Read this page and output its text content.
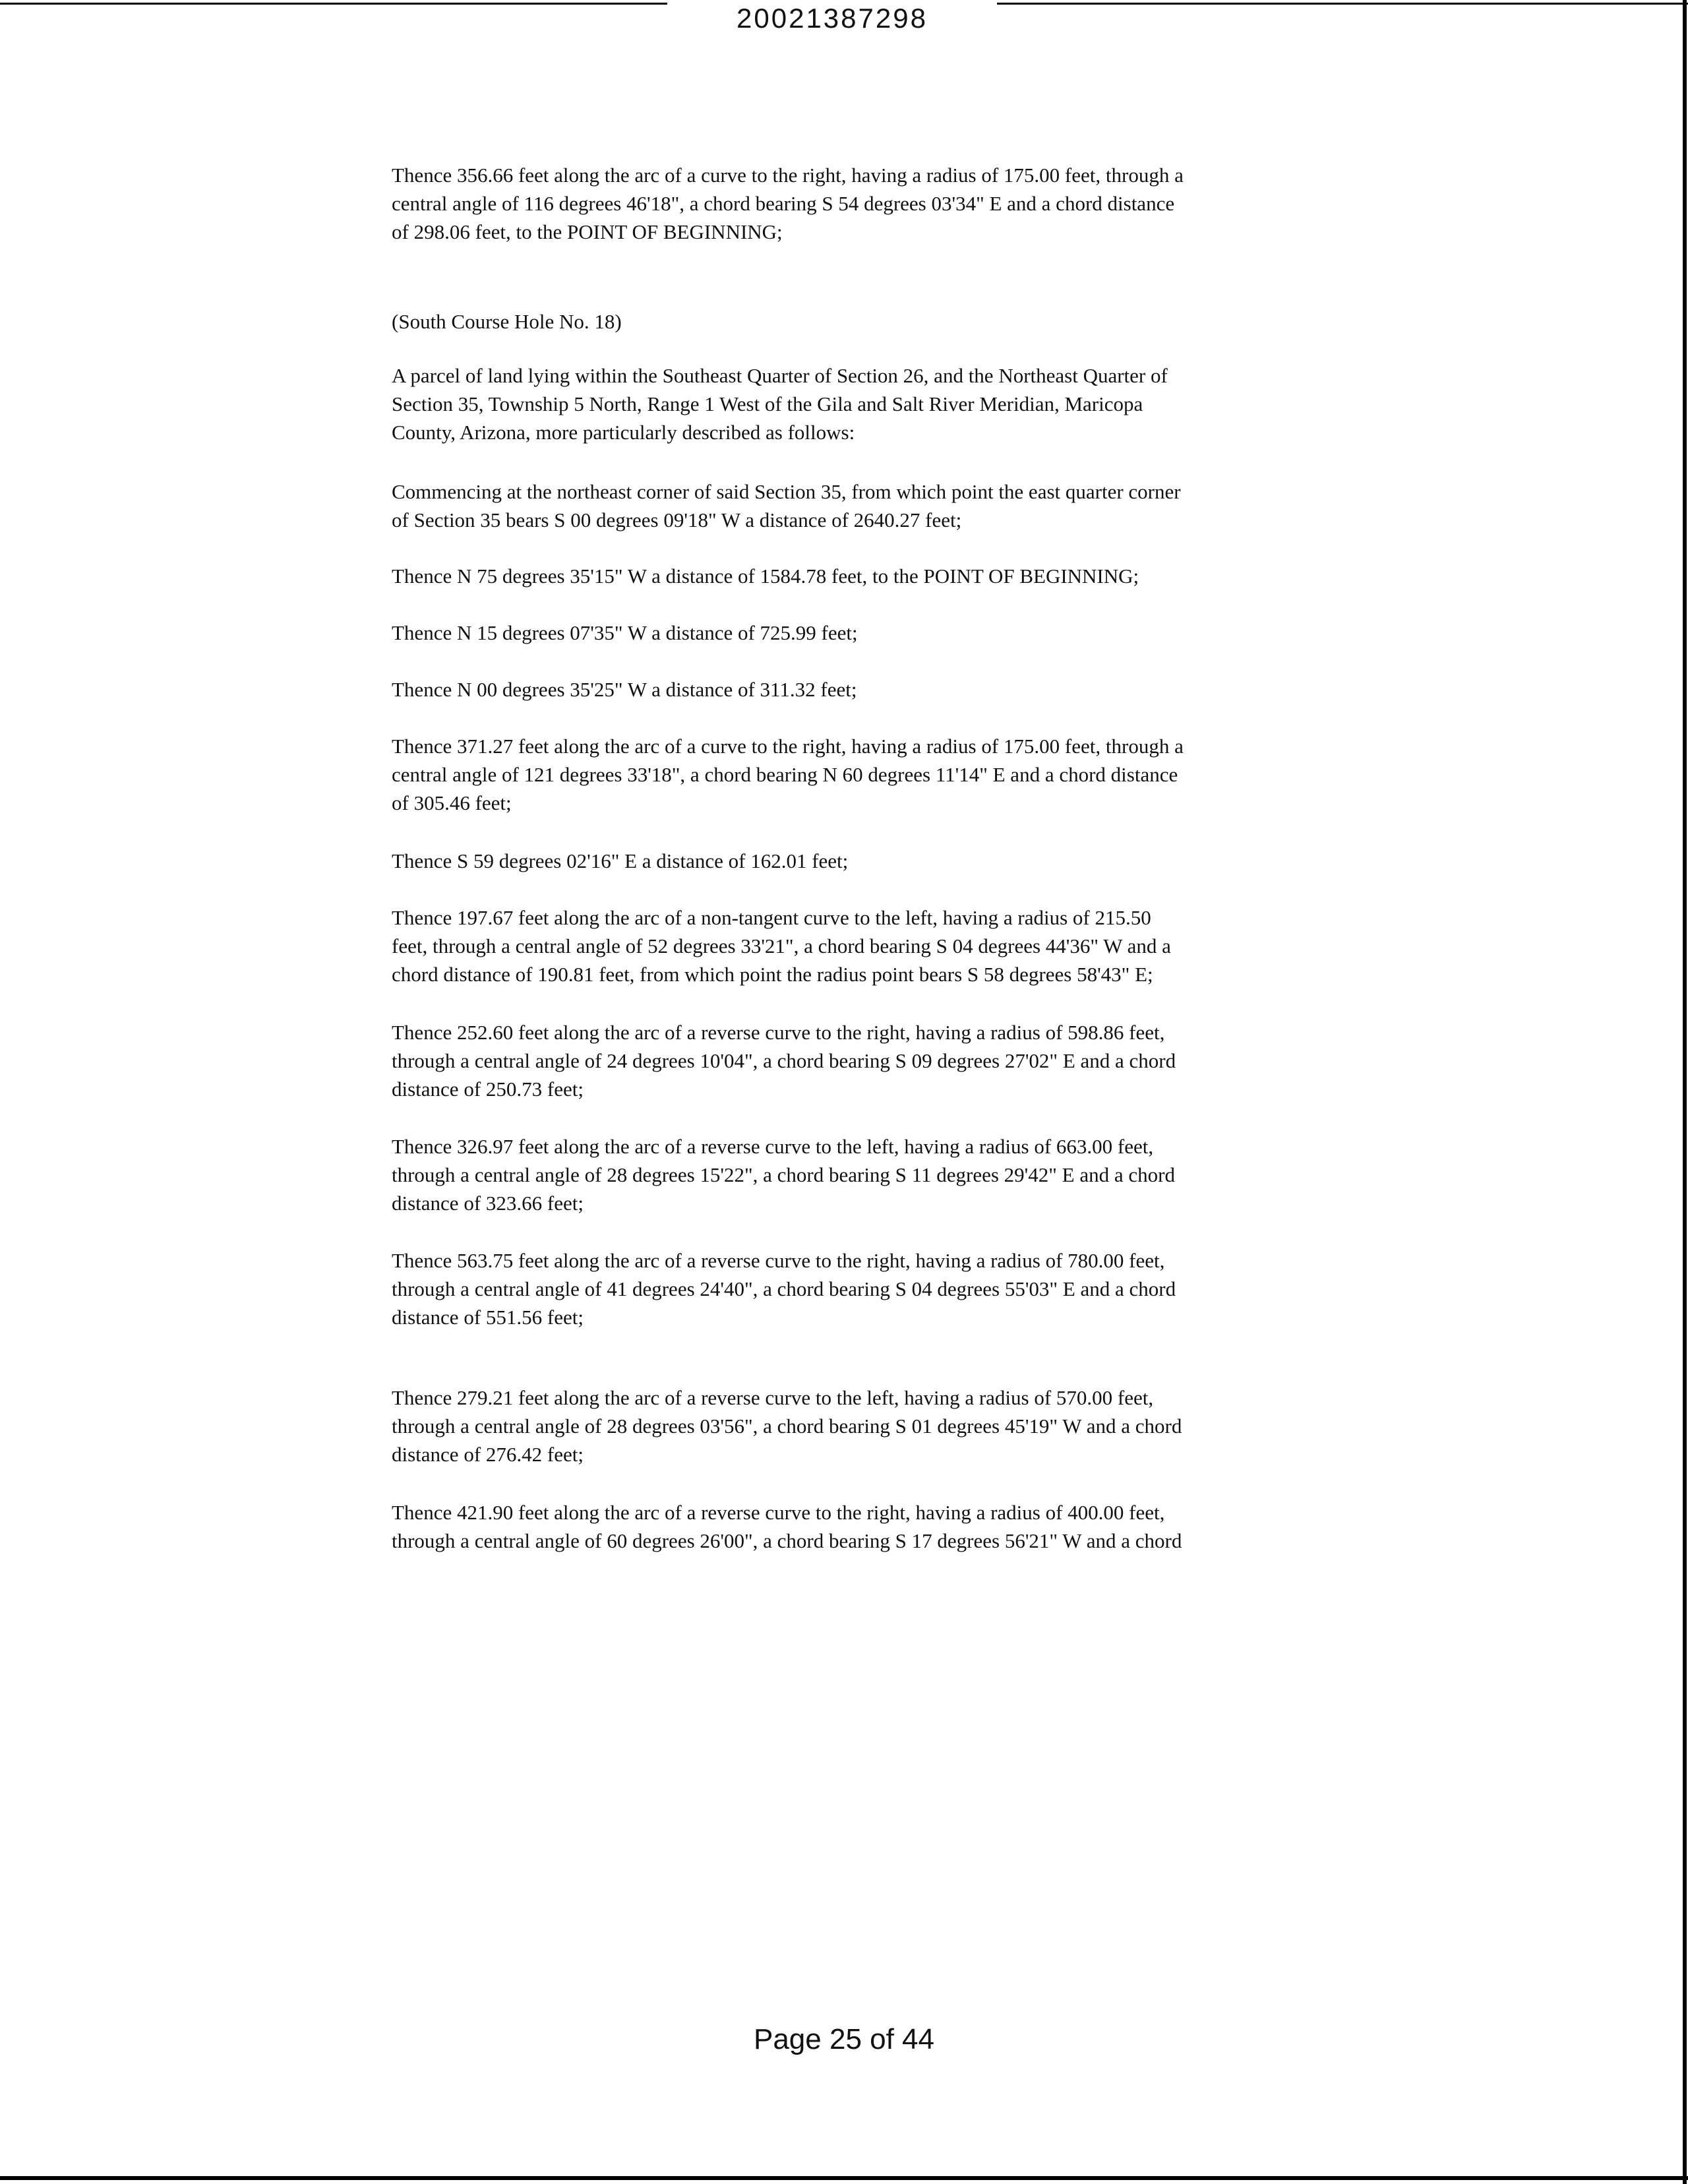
20021387298

Thence 356.66 feet along the arc of a curve to the right, having a radius of 175.00 feet, through a
central angle of 116 degrees 46'18", a chord bearing S 54 degrees 03'34" E and a chord distance
of 298.06 feet, to the POINT OF BEGINNING;

(South Course Hole No. 18)

A parcel of land lying within the Southeast Quarter of Section 26, and the Northeast Quarter of
Section 35, Township 5 North, Range 1 West of the Gila and Salt River Meridian, Maricopa
County, Arizona, more particularly described as follows:

Commencing at the northeast corner of said Section 35, from which point the east quarter corner
of Section 35 bears S 00 degrees 09'18" W a distance of 2640.27 feet;

Thence N 75 degrees 35'15" W a distance of 1584.78 feet, to the POINT OF BEGINNING;

Thence N 15 degrees 07'35" W a distance of 725.99 feet;

Thence N 00 degrees 35'25" W a distance of 311.32 feet;

Thence 371.27 feet along the arc of a curve to the right, having a radius of 175.00 feet, through a
central angle of 121 degrees 33'18", a chord bearing N 60 degrees 11'14" E and a chord distance
of 305.46 feet;

Thence S 59 degrees 02'16" E a distance of 162.01 feet;

Thence 197.67 feet along the arc of a non-tangent curve to the left, having a radius of 215.50
feet, through a central angle of 52 degrees 33'21", a chord bearing S 04 degrees 44'36" W and a
chord distance of 190.81 feet, from which point the radius point bears S 58 degrees 58'43" E;

Thence 252.60 feet along the arc of a reverse curve to the right, having a radius of 598.86 feet,
through a central angle of 24 degrees 10'04", a chord bearing S 09 degrees 27'02" E and a chord
distance of 250.73 feet;

Thence 326.97 feet along the arc of a reverse curve to the left, having a radius of 663.00 feet,
through a central angle of 28 degrees 15'22", a chord bearing S 11 degrees 29'42" E and a chord
distance of 323.66 feet;

Thence 563.75 feet along the arc of a reverse curve to the right, having a radius of 780.00 feet,
through a central angle of 41 degrees 24'40", a chord bearing S 04 degrees 55'03" E and a chord
distance of 551.56 feet;

Thence 279.21 feet along the arc of a reverse curve to the left, having a radius of 570.00 feet,
through a central angle of 28 degrees 03'56", a chord bearing S 01 degrees 45'19" W and a chord
distance of 276.42 feet;

Thence 421.90 feet along the arc of a reverse curve to the right, having a radius of 400.00 feet,
through a central angle of 60 degrees 26'00", a chord bearing S 17 degrees 56'21" W and a chord

Page 25 of 44
